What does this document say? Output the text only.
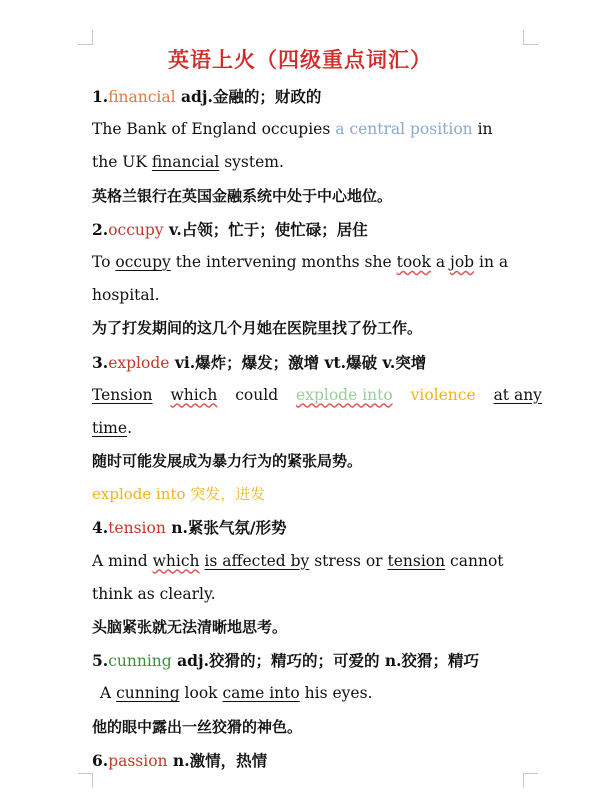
英语上火（四级重点词汇）
1.financial adj.金融的；财政的
The Bank of England occupies a central position in
the UK financial system.
英格兰银行在英国金融系统中处于中心地位。
2.occupy v.占领；忙于；使忙碌；居住
To occupy the intervening months she took a job in a
hospital.
为了打发期间的这几个月她在医院里找了份工作。
3.explode vi.爆炸；爆发；激增 vt.爆破 v.突增
Tension which could explode into violence at any
time.
随时可能发展成为暴力行为的紧张局势。
explode into 突发，迸发
4.tension n.紧张气氛/形势
A mind which is affected by stress or tension cannot
think as clearly.
头脑紧张就无法清晰地思考。
5.cunning adj.狡猾的；精巧的；可爱的 n.狡猾；精巧
A cunning look came into his eyes.
他的眼中露出一丝狡猾的神色。
6.passion n.激情，热情
